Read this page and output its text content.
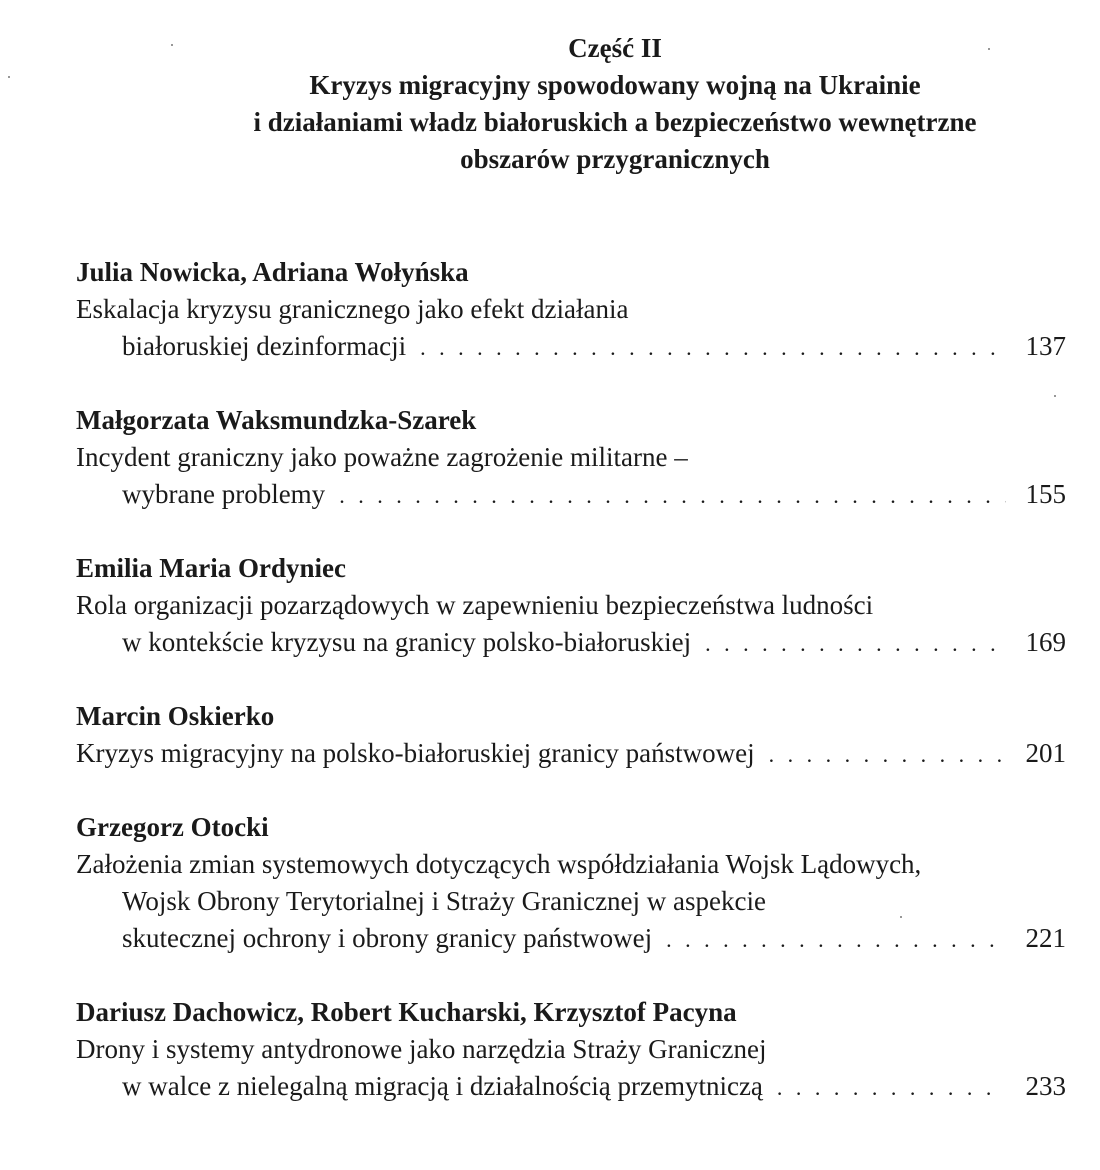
Część II
Kryzys migracyjny spowodowany wojną na Ukrainie
i działaniami władz białoruskich a bezpieczeństwo wewnętrzne
obszarów przygranicznych
Julia Nowicka, Adriana Wołyńska
Eskalacja kryzysu granicznego jako efekt działania
białoruskiej dezinformacji . . .	137
Małgorzata Waksmundzka-Szarek
Incydent graniczny jako poważne zagrożenie militarne –
wybrane problemy . . .	155
Emilia Maria Ordyniec
Rola organizacji pozarządowych w zapewnieniu bezpieczeństwa ludności
w kontekście kryzysu na granicy polsko-białoruskiej . . .	169
Marcin Oskierko
Kryzys migracyjny na polsko-białoruskiej granicy państwowej . . .	201
Grzegorz Otocki
Założenia zmian systemowych dotyczących współdziałania Wojsk Lądowych,
Wojsk Obrony Terytorialnej i Straży Granicznej w aspekcie
skutecznej ochrony i obrony granicy państwowej . . .	221
Dariusz Dachowicz, Robert Kucharski, Krzysztof Pacyna
Drony i systemy antydronowe jako narzędzia Straży Granicznej
w walce z nielegalną migracją i działalnością przemytniczą . . .	233
